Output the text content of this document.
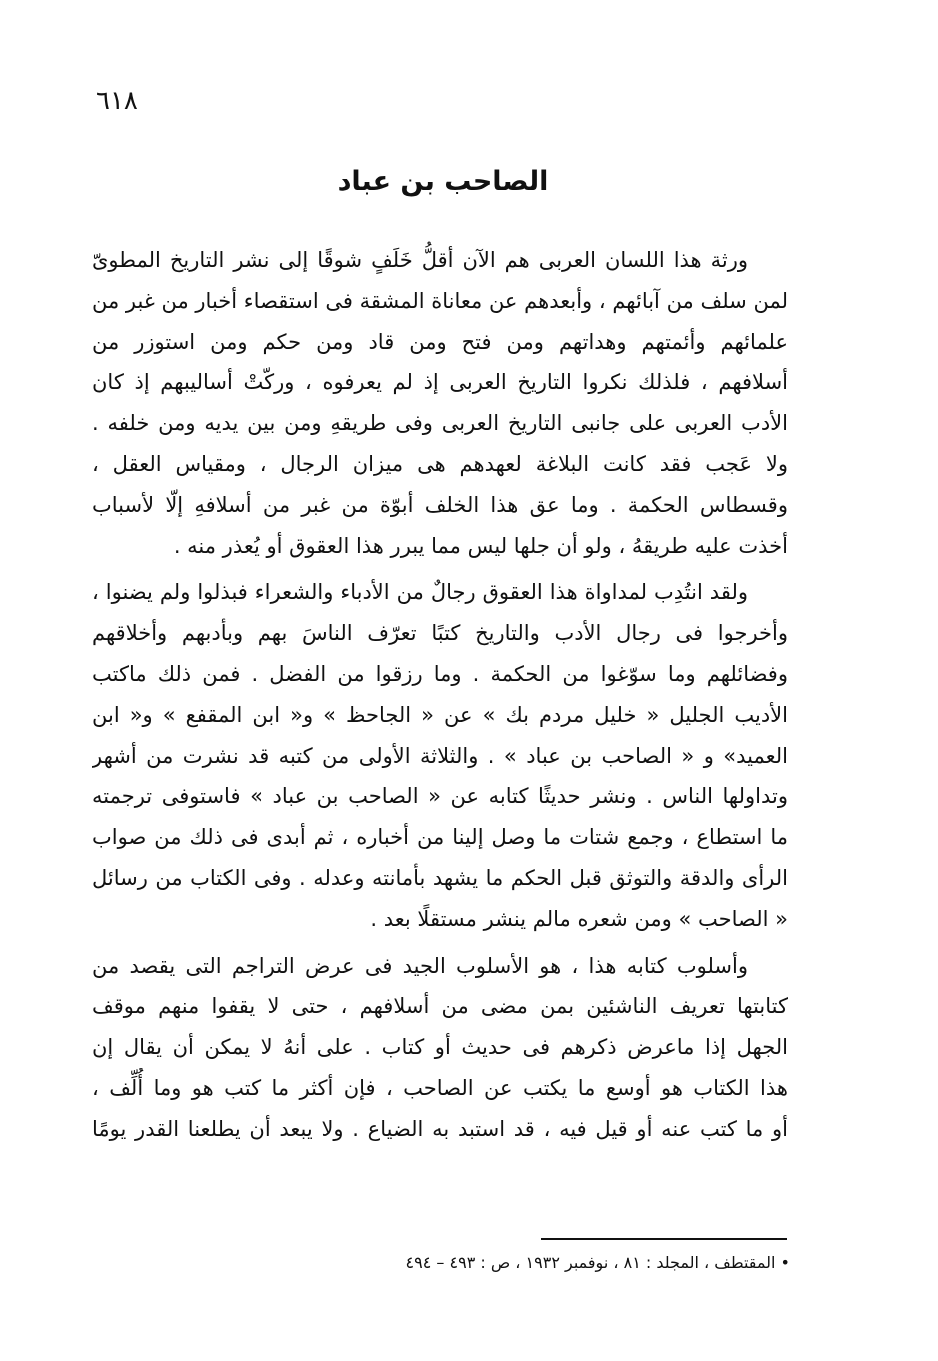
٦١٨
الصاحب بن عباد
ورثة هذا اللسان العربى هم الآن أقلُّ خَلَفٍ شوقًا إلى نشر التاريخ المطوىّ
لمن سلف من آبائهم ، وأبعدهم عن معاناة المشقة فى استقصاء أخبار من غبر من
علمائهم وأئمتهم وهداتهم ومن فتح ومن قاد ومن حكم ومن استوزر من
أسلافهم ، فلذلك نكروا التاريخ العربى إذ لم يعرفوه ، وركّتْ أساليبهم إذ كان
الأدب العربى على جانبى التاريخ العربى وفى طريقهِ ومن بين يديه ومن خلفه .
ولا عَجب فقد كانت البلاغة لعهدهم هى ميزان الرجال ، ومقياس العقل ،
وقسطاس الحكمة . وما عق هذا الخلف أبوّة من غبر من أسلافهِ إلّا لأسباب
أخذت عليه طريقهُ ، ولو أن جلها ليس مما يبرر هذا العقوق أو يُعذر منه .
ولقد انتُدِب لمداواة هذا العقوق رجالٌ من الأدباء والشعراء فبذلوا ولم يضنوا ،
وأخرجوا فى رجال الأدب والتاريخ كتبًا تعرّف الناسَ بهم وبأدبهم وأخلاقهم
وفضائلهم وما سوّغوا من الحكمة . وما رزقوا من الفضل . فمن ذلك ماكتب
الأديب الجليل « خليل مردم بك » عن « الجاحظ » و« ابن المقفع » و« ابن
العميد» و « الصاحب بن عباد » . والثلاثة الأولى من كتبه قد نشرت من أشهر
وتداولها الناس . ونشر حديثًا كتابه عن « الصاحب بن عباد » فاستوفى ترجمته
ما استطاع ، وجمع شتات ما وصل إلينا من أخباره ، ثم أبدى فى ذلك من صواب
الرأى والدقة والتوثق قبل الحكم ما يشهد بأمانته وعدله . وفى الكتاب من رسائل
« الصاحب » ومن شعره مالم ينشر مستقلًا بعد .
وأسلوب كتابه هذا ، هو الأسلوب الجيد فى عرض التراجم التى يقصد من
كتابتها تعريف الناشئين بمن مضى من أسلافهم ، حتى لا يقفوا منهم موقف
الجهل إذا ماعرض ذكرهم فى حديث أو كتاب . على أنهُ لا يمكن أن يقال إن
هذا الكتاب هو أوسع ما يكتب عن الصاحب ، فإن أكثر ما كتب هو وما أُلِّف ،
أو ما كتب عنه أو قيل فيه ، قد استبد به الضياع . ولا يبعد أن يطلعنا القدر يومًا
• المقتطف ، المجلد : ٨١ ، نوفمبر ١٩٣٢ ، ص : ٤٩٣ – ٤٩٤
